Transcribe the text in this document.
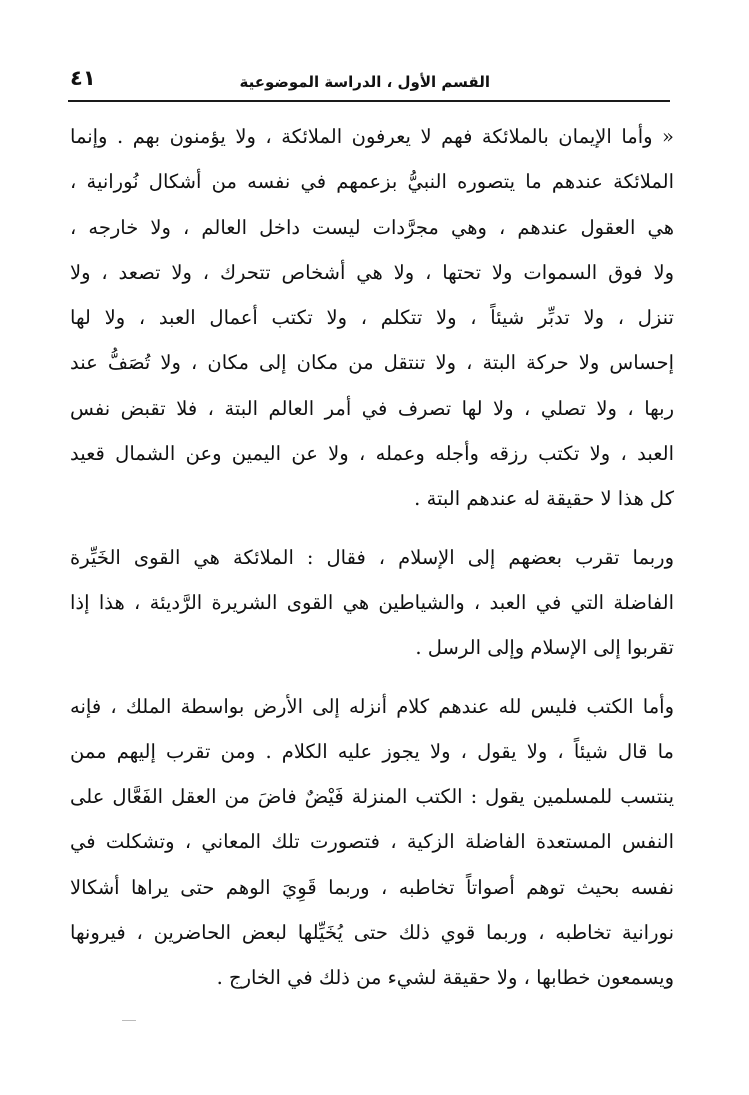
القسم الأول ، الدراسة الموضوعية
٤١
« وأما الإيمان بالملائكة فهم لا يعرفون الملائكة ، ولا يؤمنون بهم . وإنما
الملائكة عندهم ما يتصوره النبيُّ بزعمهم في نفسه من أشكال نُورانية ،
هي العقول عندهم ، وهي مجرَّدات ليست داخل العالم ، ولا خارجه ،
ولا فوق السموات ولا تحتها ، ولا هي أشخاص تتحرك ، ولا تصعد ، ولا
تنزل ، ولا تدبِّر شيئاً ، ولا تتكلم ، ولا تكتب أعمال العبد ، ولا لها
إحساس ولا حركة البتة ، ولا تنتقل من مكان إلى مكان ، ولا تُصَفُّ عند
ربها ، ولا تصلي ، ولا لها تصرف في أمر العالم البتة ، فلا تقبض نفس
العبد ، ولا تكتب رزقه وأجله وعمله ، ولا عن اليمين وعن الشمال قعيد
كل هذا لا حقيقة له عندهم البتة .
وربما تقرب بعضهم إلى الإسلام ، فقال : الملائكة هي القوى الخَيِّرة
الفاضلة التي في العبد ، والشياطين هي القوى الشريرة الرَّديئة ، هذا إذا
تقربوا إلى الإسلام وإلى الرسل .
وأما الكتب فليس لله عندهم كلام أنزله إلى الأرض بواسطة الملك ، فإنه
ما قال شيئاً ، ولا يقول ، ولا يجوز عليه الكلام . ومن تقرب إليهم ممن
ينتسب للمسلمين يقول : الكتب المنزلة فَيْضٌ فاضَ من العقل الفَعَّال على
النفس المستعدة الفاضلة الزكية ، فتصورت تلك المعاني ، وتشكلت في
نفسه بحيث توهم أصواتاً تخاطبه ، وربما قَوِيَ الوهم حتى يراها أشكالا
نورانية تخاطبه ، وربما قوي ذلك حتى يُخَيِّلها لبعض الحاضرين ، فيرونها
ويسمعون خطابها ، ولا حقيقة لشيء من ذلك في الخارج .
